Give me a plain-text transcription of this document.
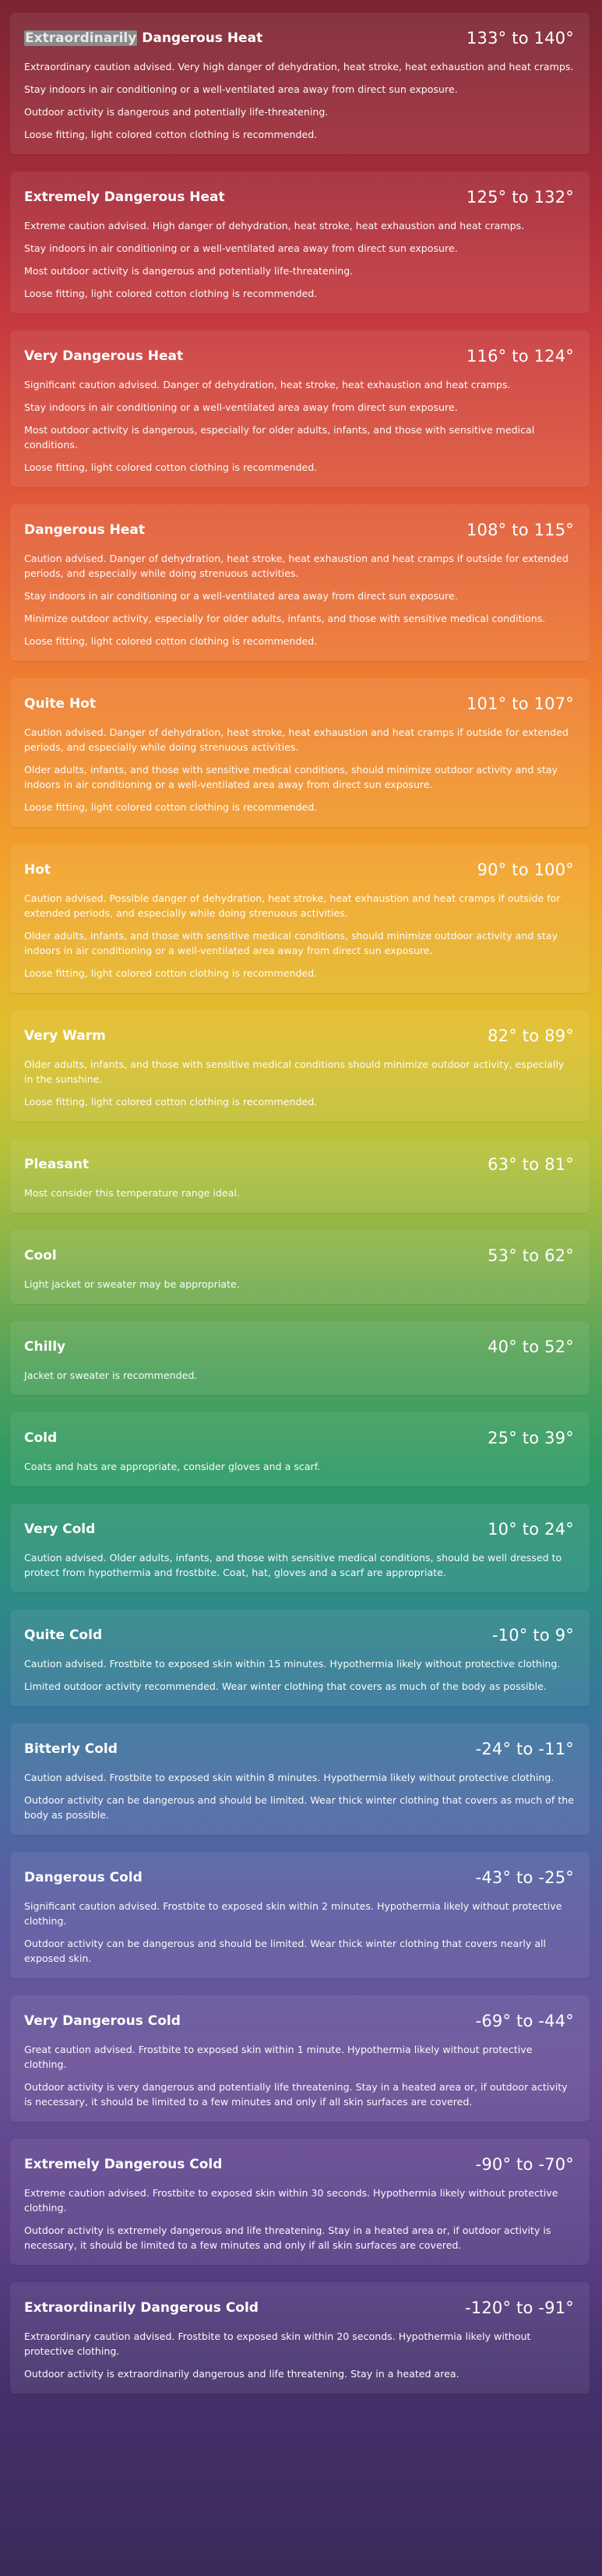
Extraordinarily Dangerous Heat	133° to 140°

Extraordinary caution advised. Very high danger of dehydration, heat stroke, heat exhaustion and heat cramps.

Stay indoors in air conditioning or a well-ventilated area away from direct sun exposure.

Outdoor activity is dangerous and potentially life-threatening.

Loose fitting, light colored cotton clothing is recommended.

Extremely Dangerous Heat	125° to 132°

Extreme caution advised. High danger of dehydration, heat stroke, heat exhaustion and heat cramps.

Stay indoors in air conditioning or a well-ventilated area away from direct sun exposure.

Most outdoor activity is dangerous and potentially life-threatening.

Loose fitting, light colored cotton clothing is recommended.

Very Dangerous Heat	116° to 124°

Significant caution advised. Danger of dehydration, heat stroke, heat exhaustion and heat cramps.

Stay indoors in air conditioning or a well-ventilated area away from direct sun exposure.

Most outdoor activity is dangerous, especially for older adults, infants, and those with sensitive medical conditions.

Loose fitting, light colored cotton clothing is recommended.

Dangerous Heat	108° to 115°

Caution advised. Danger of dehydration, heat stroke, heat exhaustion and heat cramps if outside for extended periods, and especially while doing strenuous activities.

Stay indoors in air conditioning or a well-ventilated area away from direct sun exposure.

Minimize outdoor activity, especially for older adults, infants, and those with sensitive medical conditions.

Loose fitting, light colored cotton clothing is recommended.

Quite Hot	101° to 107°

Caution advised. Danger of dehydration, heat stroke, heat exhaustion and heat cramps if outside for extended periods, and especially while doing strenuous activities.

Older adults, infants, and those with sensitive medical conditions, should minimize outdoor activity and stay indoors in air conditioning or a well-ventilated area away from direct sun exposure.

Loose fitting, light colored cotton clothing is recommended.

Hot	90° to 100°

Caution advised. Possible danger of dehydration, heat stroke, heat exhaustion and heat cramps if outside for extended periods, and especially while doing strenuous activities.

Older adults, infants, and those with sensitive medical conditions, should minimize outdoor activity and stay indoors in air conditioning or a well-ventilated area away from direct sun exposure.

Loose fitting, light colored cotton clothing is recommended.

Very Warm	82° to 89°

Older adults, infants, and those with sensitive medical conditions should minimize outdoor activity, especially in the sunshine.

Loose fitting, light colored cotton clothing is recommended.

Pleasant	63° to 81°

Most consider this temperature range ideal.

Cool	53° to 62°

Light jacket or sweater may be appropriate.

Chilly	40° to 52°

Jacket or sweater is recommended.

Cold	25° to 39°

Coats and hats are appropriate, consider gloves and a scarf.

Very Cold	10° to 24°

Caution advised. Older adults, infants, and those with sensitive medical conditions, should be well dressed to protect from hypothermia and frostbite. Coat, hat, gloves and a scarf are appropriate.

Quite Cold	-10° to 9°

Caution advised. Frostbite to exposed skin within 15 minutes. Hypothermia likely without protective clothing.

Limited outdoor activity recommended. Wear winter clothing that covers as much of the body as possible.

Bitterly Cold	-24° to -11°

Caution advised. Frostbite to exposed skin within 8 minutes. Hypothermia likely without protective clothing.

Outdoor activity can be dangerous and should be limited. Wear thick winter clothing that covers as much of the body as possible.

Dangerous Cold	-43° to -25°

Significant caution advised. Frostbite to exposed skin within 2 minutes. Hypothermia likely without protective clothing.

Outdoor activity can be dangerous and should be limited. Wear thick winter clothing that covers nearly all exposed skin.

Very Dangerous Cold	-69° to -44°

Great caution advised. Frostbite to exposed skin within 1 minute. Hypothermia likely without protective clothing.

Outdoor activity is very dangerous and potentially life threatening. Stay in a heated area or, if outdoor activity is necessary, it should be limited to a few minutes and only if all skin surfaces are covered.

Extremely Dangerous Cold	-90° to -70°

Extreme caution advised. Frostbite to exposed skin within 30 seconds. Hypothermia likely without protective clothing.

Outdoor activity is extremely dangerous and life threatening. Stay in a heated area or, if outdoor activity is necessary, it should be limited to a few minutes and only if all skin surfaces are covered.

Extraordinarily Dangerous Cold	-120° to -91°

Extraordinary caution advised. Frostbite to exposed skin within 20 seconds. Hypothermia likely without protective clothing.

Outdoor activity is extraordinarily dangerous and life threatening. Stay in a heated area.
